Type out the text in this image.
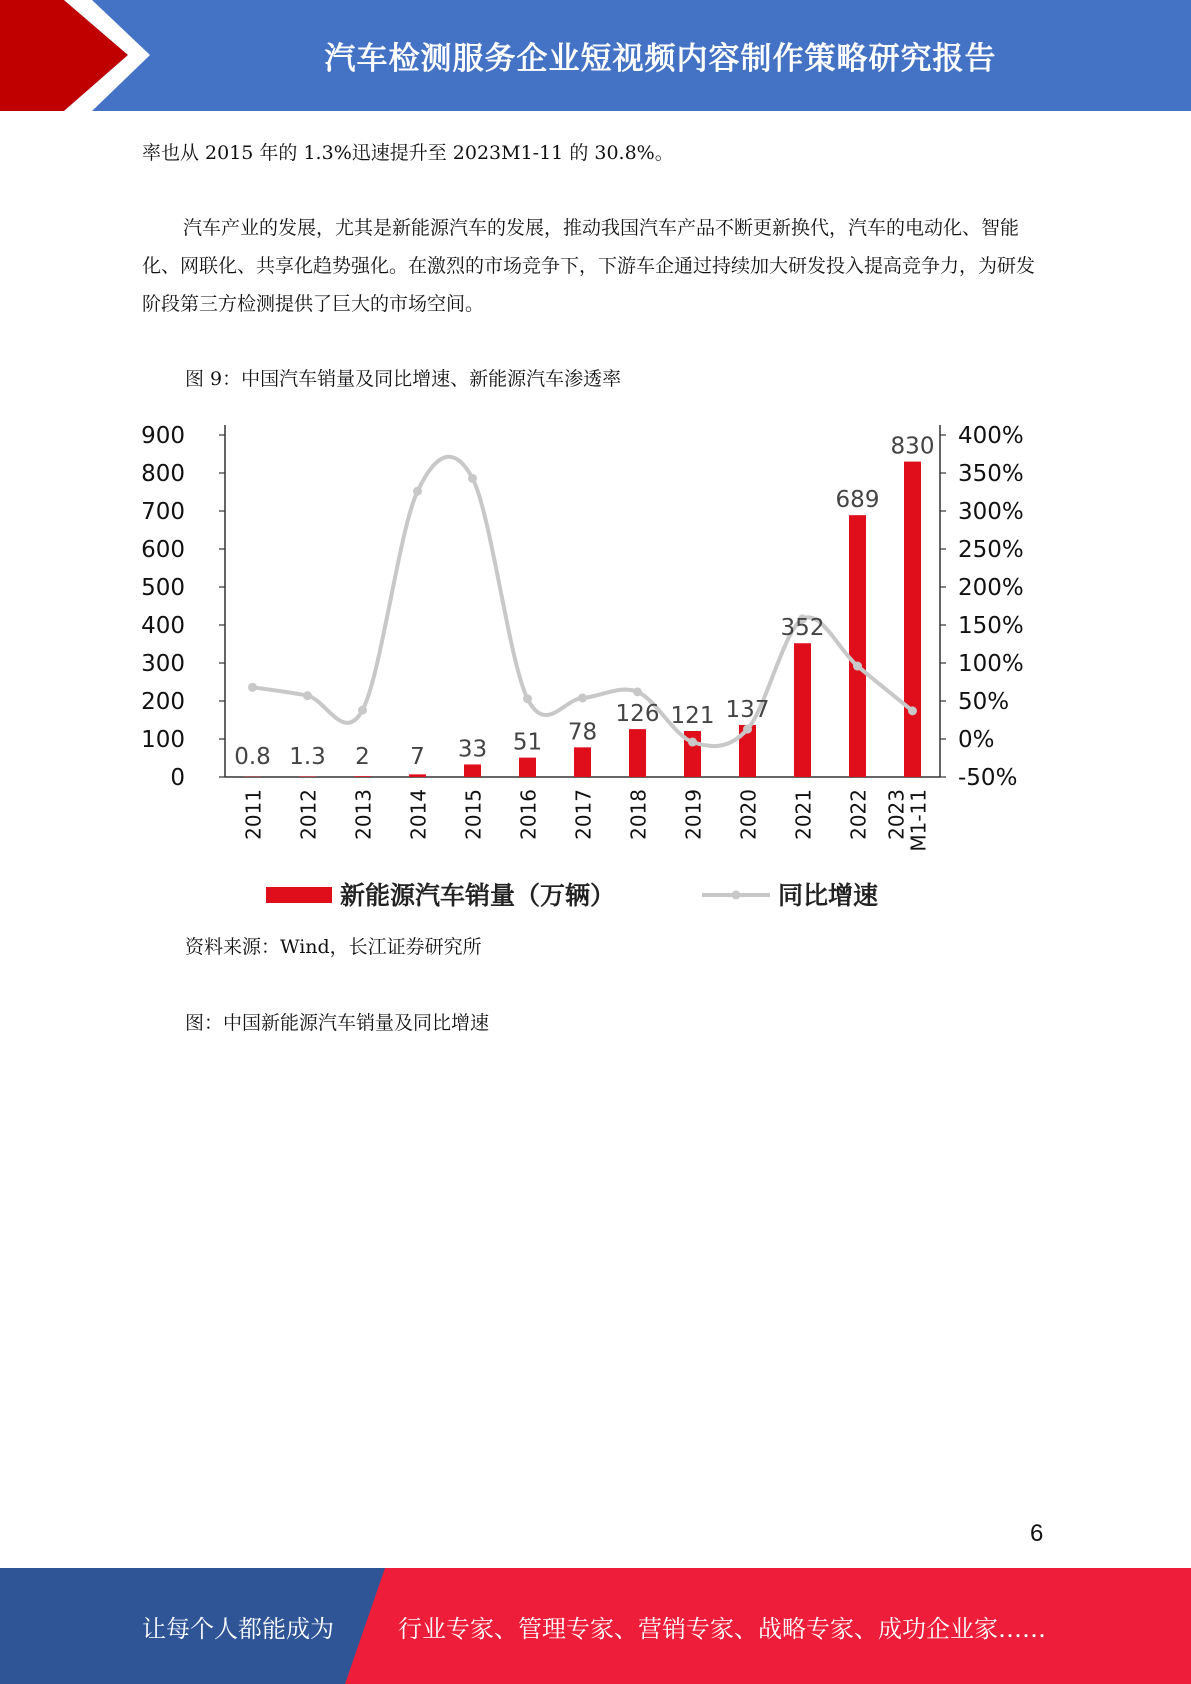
汽车检测服务企业短视频内容制作策略研究报告

率也从 2015 年的 1.3%迅速提升至 2023M1-11 的 30.8%。

汽车产业的发展，尤其是新能源汽车的发展，推动我国汽车产品不断更新换代，汽车的电动化、智能化、网联化、共享化趋势强化。在激烈的市场竞争下，下游车企通过持续加大研发投入提高竞争力，为研发阶段第三方检测提供了巨大的市场空间。

图 9：中国汽车销量及同比增速、新能源汽车渗透率

0
100
200
300
400
500
600
700
800
900
-50%
0%
50%
100%
150%
200%
250%
300%
350%
400%
0.8 1.3 2 7 33 51 78
126 121 137
352
689
830
2011 2012 2013 2014 2015 2016 2017 2018 2019 2020 2021 2022 2023
M1-11
新能源汽车销量（万辆）	同比增速

资料来源：Wind，长江证券研究所

图：中国新能源汽车销量及同比增速

6
让每个人都能成为	行业专家、管理专家、营销专家、战略专家、成功企业家……
